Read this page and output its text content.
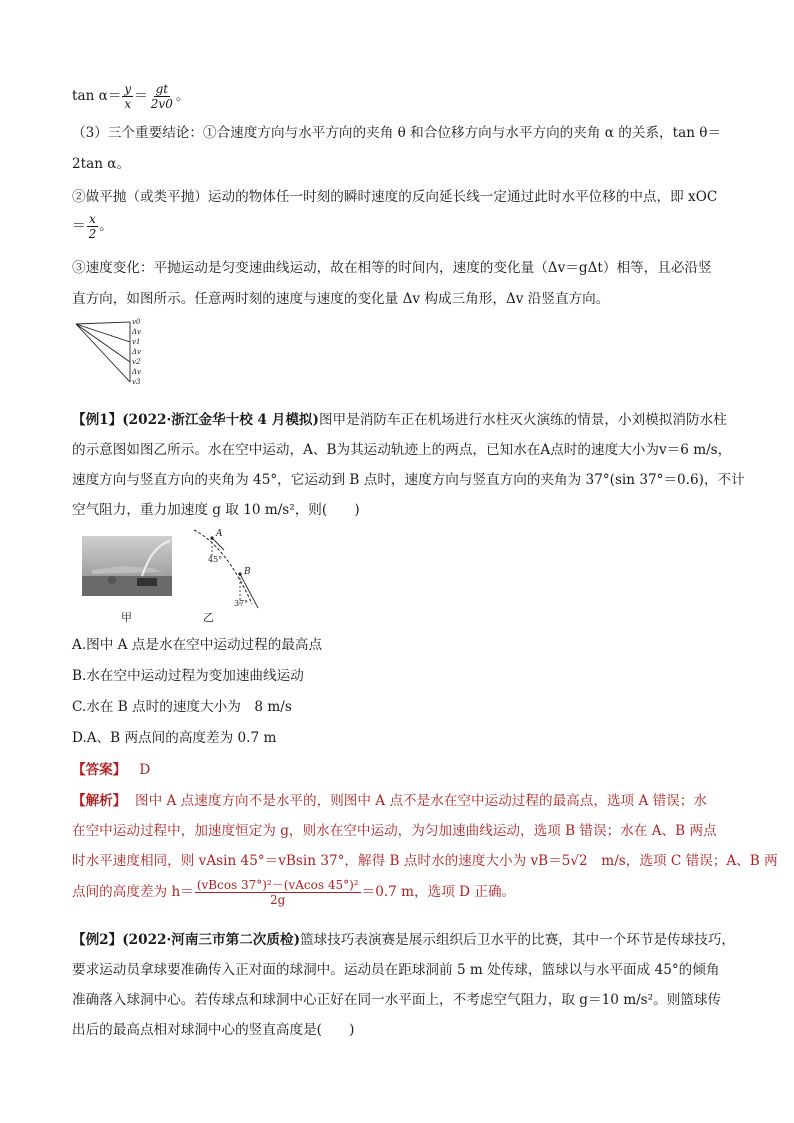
$\tan \alpha= \frac{y}{x} = \frac{gt}{2v0}$ 。
（3）三个重要结论：①合速度方向与水平方向的夹角 θ 和合位移方向与水平方向的夹角 α 的关系，tan θ＝
2tan α。
②做平抛（或类平抛）运动的物体任一时刻的瞬时速度的反向延长线一定通过此时水平位移的中点，即 xOC
＝ $\frac{x}{2}$ 。
③速度变化：平抛运动是匀变速曲线运动，故在相等的时间内，速度的变化量（Δv＝gΔt）相等，且必沿竖
直方向，如图所示。任意两时刻的速度与速度的变化量 Δv 构成三角形，Δv 沿竖直方向。
v0
Δv
v1
Δv
v2
Δv
v3
【例1】(2022·浙江金华十校 4 月模拟)图甲是消防车正在机场进行水柱灭火演练的情景，小刘模拟消防水柱
的示意图如图乙所示。水在空中运动，A、B为其运动轨迹上的两点，已知水在A点时的速度大小为v＝6 m/s，
速度方向与竖直方向的夹角为 45°，它运动到 B 点时，速度方向与竖直方向的夹角为 37°(sin 37°＝0.6)，不计
空气阻力，重力加速度 g 取 10 m/s²，则(　　)
甲
A
B
45°
37°
乙
A.图中 A 点是水在空中运动过程的最高点
B.水在空中运动过程为变加速曲线运动
C.水在 B 点时的速度大小为　8 m/s
D.A、B 两点间的高度差为 0.7 m
【答案】 D
【解析】 图中 A 点速度方向不是水平的，则图中 A 点不是水在空中运动过程的最高点，选项 A 错误；水
在空中运动过程中，加速度恒定为 g，则水在空中运动，为匀加速曲线运动，选项 B 错误；水在 A、B 两点
时水平速度相同，则 vAsin 45°＝vBsin 37°，解得 B 点时水的速度大小为 vB＝5√2　m/s，选项 C 错误；A、B 两
点间的高度差为 $h= \frac{\text{(vBcos 37°)²－(vAcos 45°)²}}{2g} =0.7$ m，选项 D 正确。
【例2】(2022·河南三市第二次质检)篮球技巧表演赛是展示组织后卫水平的比赛，其中一个环节是传球技巧，
要求运动员拿球要准确传入正对面的球洞中。运动员在距球洞前 5 m 处传球，篮球以与水平面成 45°的倾角
准确落入球洞中心。若传球点和球洞中心正好在同一水平面上，不考虑空气阻力，取 g＝10 m/s²。则篮球传
出后的最高点相对球洞中心的竖直高度是(　　)
